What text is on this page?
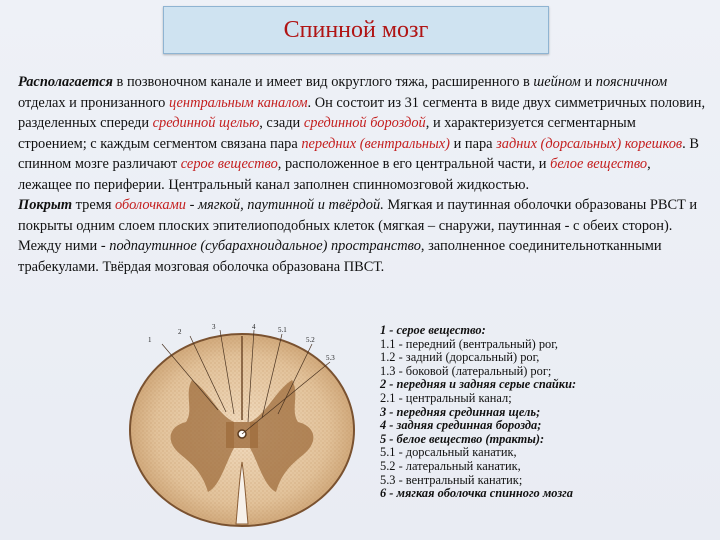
Спинной мозг

Располагается в позвоночном канале и имеет вид округлого тяжа, расширенного в шейном и поясничном отделах и пронизанного центральным каналом. Он состоит из 31 сегмента в виде двух симметричных половин, разделенных спереди срединной щелью, сзади срединной бороздой, и характеризуется сегментарным строением; с каждым сегментом связана пара передних (вентральных) и пара задних (дорсальных) корешков. В спинном мозге различают серое вещество, расположенное в его центральной части, и белое вещество, лежащее по периферии. Центральный канал заполнен спинномозговой жидкостью.

Покрыт тремя оболочками - мягкой, паутинной и твёрдой. Мягкая и паутинная оболочки образованы РВСТ и покрыты одним слоем плоских эпителиоподобных клеток (мягкая – снаружи, паутинная - с обеих сторон). Между ними - подпаутинное (субарахноидальное) пространство, заполненное соединительнотканными трабекулами. Твёрдая мозговая оболочка образована ПВСТ.

1
2
3	4	5.1
5.2
5.3
1 - серое вещество:
1.1 - передний (вентральный) рог,
1.2 - задний (дорсальный) рог,
1.3 - боковой (латеральный) рог;
2 - передняя и задняя серые спайки:
2.1 - центральный канал;
3 - передняя срединная щель;
4 - задняя срединная борозда;
5 - белое вещество (тракты):
5.1 - дорсальный канатик,
5.2 - латеральный канатик,
5.3 - вентральный канатик;
6 - мягкая оболочка спинного мозга
